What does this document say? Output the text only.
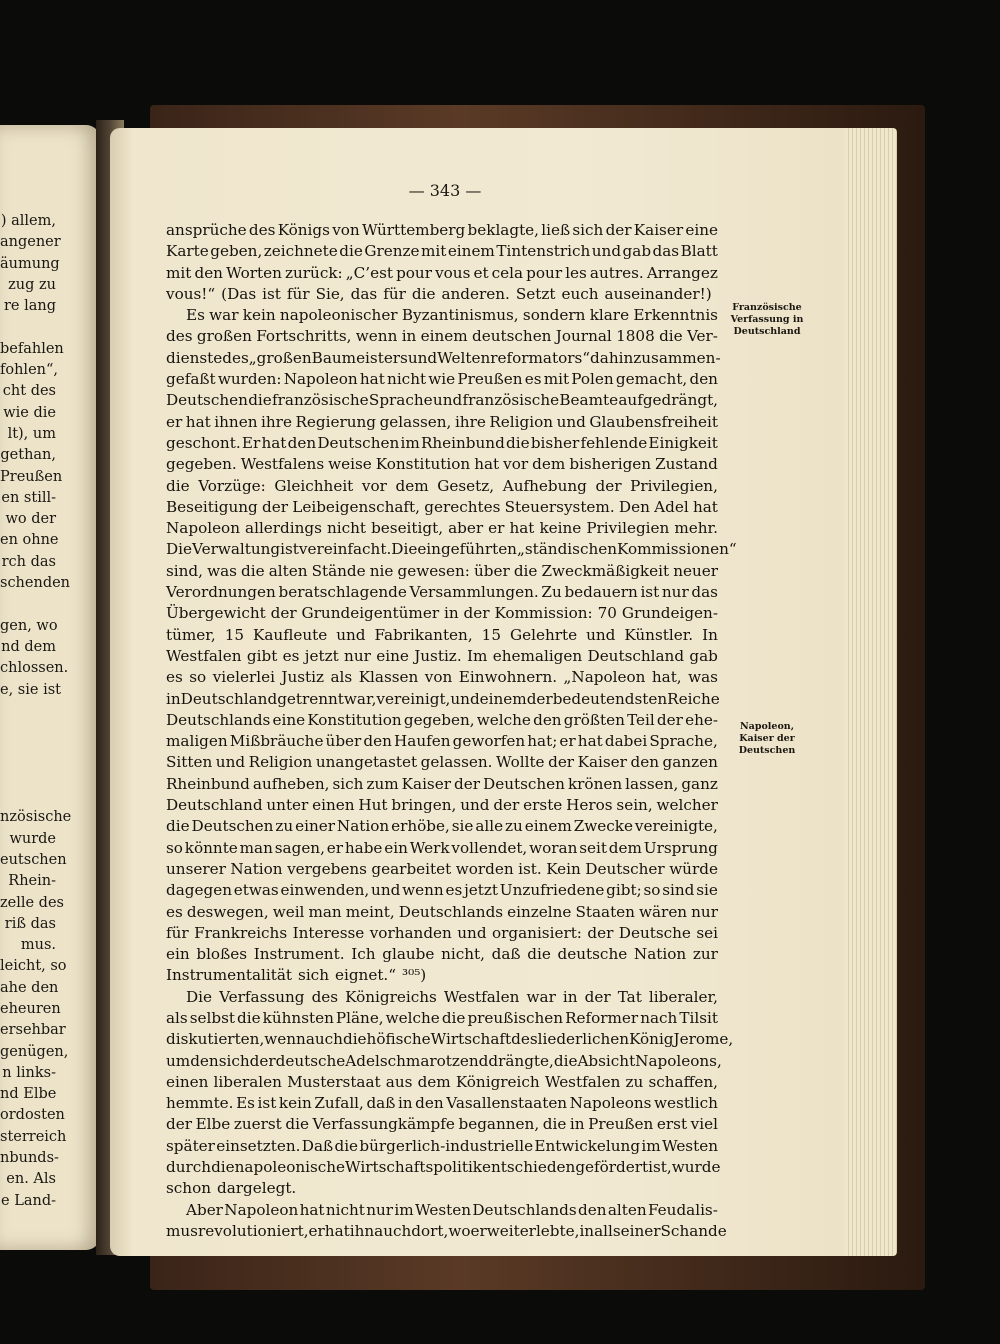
) allem,
angener
äumung
zug zu
re lang

befahlen
fohlen“,
cht des
wie die
lt), um
gethan,
Preußen
en still-
wo der
en ohne
rch das
schenden

gen, wo
nd dem
chlossen.
e, sie ist

nzösische
wurde
eutschen
Rhein-
zelle des
riß das
mus.
leicht, so
ahe den
eheuren
ersehbar
genügen,
n links-
nd Elbe
ordosten
sterreich
nbunds-
en. Als
e Land-
— 343 —
ansprüche des Königs von Württemberg beklagte, ließ sich der Kaiser eine
Karte geben, zeichnete die Grenze mit einem Tintenstrich und gab das Blatt
mit den Worten zurück: „C’est pour vous et cela pour les autres. Arrangez
vous!“ (Das ist für Sie, das für die anderen. Setzt euch auseinander!)
Es war kein napoleonischer Byzantinismus, sondern klare Erkenntnis
des großen Fortschritts, wenn in einem deutschen Journal 1808 die Ver-
dienste des „großen Baumeisters und Weltenreformators“ dahin zusammen-
gefaßt wurden: Napoleon hat nicht wie Preußen es mit Polen gemacht, den
Deutschen die französische Sprache und französische Beamte aufgedrängt,
er hat ihnen ihre Regierung gelassen, ihre Religion und Glaubensfreiheit
geschont. Er hat den Deutschen im Rheinbund die bisher fehlende Einigkeit
gegeben. Westfalens weise Konstitution hat vor dem bisherigen Zustand
die Vorzüge: Gleichheit vor dem Gesetz, Aufhebung der Privilegien,
Beseitigung der Leibeigenschaft, gerechtes Steuersystem. Den Adel hat
Napoleon allerdings nicht beseitigt, aber er hat keine Privilegien mehr.
Die Verwaltung ist vereinfacht. Die eingeführten „ständischen Kommissionen“
sind, was die alten Stände nie gewesen: über die Zweckmäßigkeit neuer
Verordnungen beratschlagende Versammlungen. Zu bedauern ist nur das
Übergewicht der Grundeigentümer in der Kommission: 70 Grundeigen-
tümer, 15 Kaufleute und Fabrikanten, 15 Gelehrte und Künstler. In
Westfalen gibt es jetzt nur eine Justiz. Im ehemaligen Deutschland gab
es so vielerlei Justiz als Klassen von Einwohnern. „Napoleon hat, was
in Deutschland getrennt war, vereinigt, und einem der bedeutendsten Reiche
Deutschlands eine Konstitution gegeben, welche den größten Teil der ehe-
maligen Mißbräuche über den Haufen geworfen hat; er hat dabei Sprache,
Sitten und Religion unangetastet gelassen. Wollte der Kaiser den ganzen
Rheinbund aufheben, sich zum Kaiser der Deutschen krönen lassen, ganz
Deutschland unter einen Hut bringen, und der erste Heros sein, welcher
die Deutschen zu einer Nation erhöbe, sie alle zu einem Zwecke vereinigte,
so könnte man sagen, er habe ein Werk vollendet, woran seit dem Ursprung
unserer Nation vergebens gearbeitet worden ist. Kein Deutscher würde
dagegen etwas einwenden, und wenn es jetzt Unzufriedene gibt; so sind sie
es deswegen, weil man meint, Deutschlands einzelne Staaten wären nur
für Frankreichs Interesse vorhanden und organisiert: der Deutsche sei
ein bloßes Instrument. Ich glaube nicht, daß die deutsche Nation zur
Instrumentalität sich eignet.“ ³⁰⁵)
Die Verfassung des Königreichs Westfalen war in der Tat liberaler,
als selbst die kühnsten Pläne, welche die preußischen Reformer nach Tilsit
diskutierten, wenn auch die höfische Wirtschaft des liederlichen König Jerome,
um den sich der deutsche Adel schmarotzend drängte, die Absicht Napoleons,
einen liberalen Musterstaat aus dem Königreich Westfalen zu schaffen,
hemmte. Es ist kein Zufall, daß in den Vasallenstaaten Napoleons westlich
der Elbe zuerst die Verfassungkämpfe begannen, die in Preußen erst viel
später einsetzten. Daß die bürgerlich-industrielle Entwickelung im Westen
durch die napoleonische Wirtschaftspolitik entschieden gefördert ist, wurde
schon dargelegt.
Aber Napoleon hat nicht nur im Westen Deutschlands den alten Feudalis-
mus revolutioniert, er hat ihn auch dort, wo er weiterlebte, in all seiner Schande
Französische Verfassung in Deutschland
Napoleon, Kaiser der Deutschen
